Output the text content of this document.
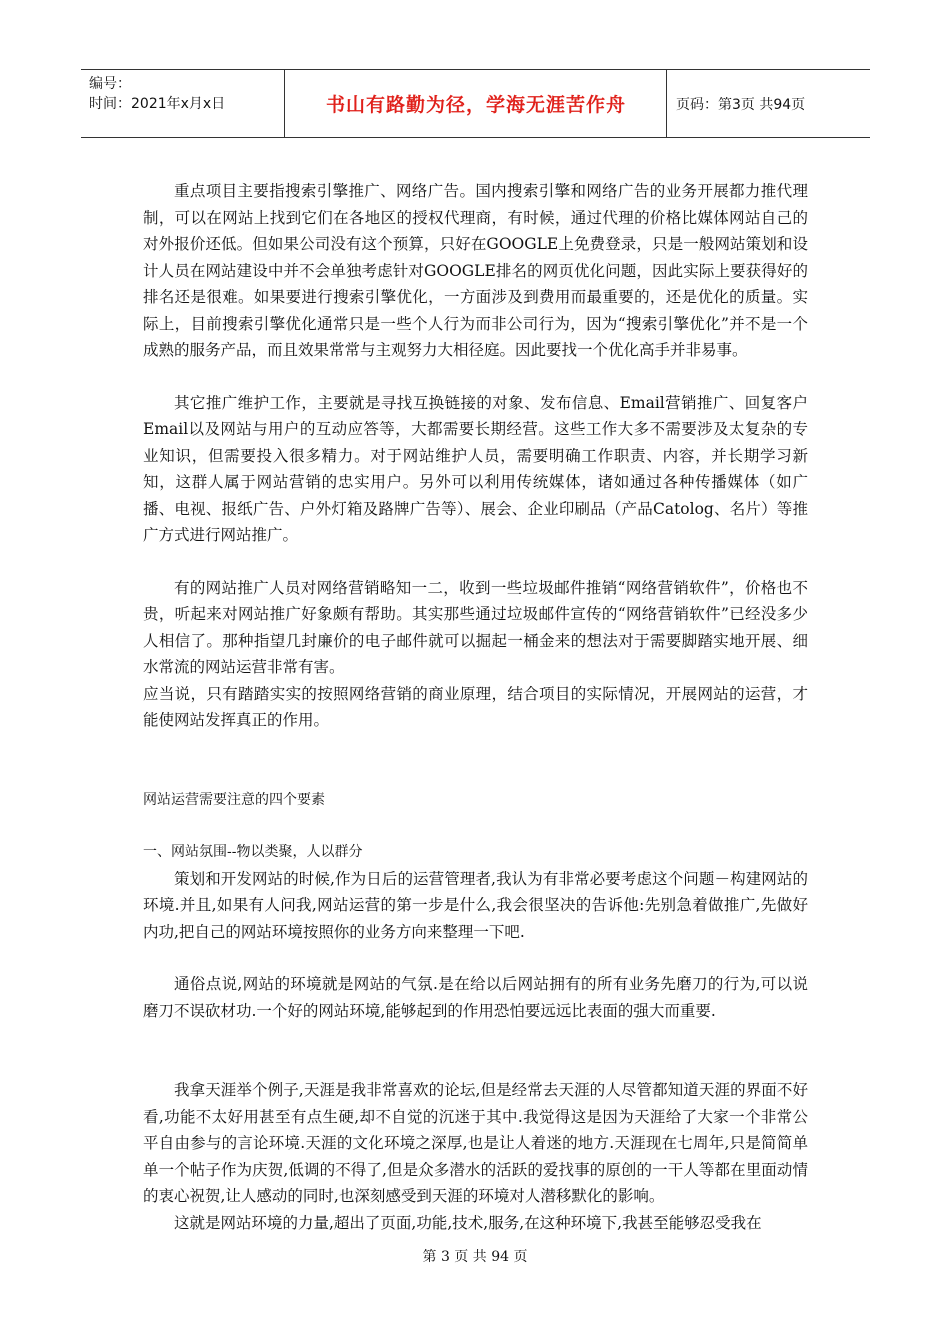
编号：
时间：2021年x月x日	书山有路勤为径，学海无涯苦作舟	页码：第3页 共94页

重点项目主要指搜索引擎推广、网络广告。国内搜索引擎和网络广告的业务开展都力推代理制，可以在网站上找到它们在各地区的授权代理商，有时候，通过代理的价格比媒体网站自己的对外报价还低。但如果公司没有这个预算，只好在GOOGLE上免费登录，只是一般网站策划和设计人员在网站建设中并不会单独考虑针对GOOGLE排名的网页优化问题，因此实际上要获得好的排名还是很难。如果要进行搜索引擎优化，一方面涉及到费用而最重要的，还是优化的质量。实际上，目前搜索引擎优化通常只是一些个人行为而非公司行为，因为“搜索引擎优化”并不是一个成熟的服务产品，而且效果常常与主观努力大相径庭。因此要找一个优化高手并非易事。

其它推广维护工作，主要就是寻找互换链接的对象、发布信息、Email营销推广、回复客户Email以及网站与用户的互动应答等，大都需要长期经营。这些工作大多不需要涉及太复杂的专业知识，但需要投入很多精力。对于网站维护人员，需要明确工作职责、内容，并长期学习新知，这群人属于网站营销的忠实用户。另外可以利用传统媒体，诸如通过各种传播媒体（如广播、电视、报纸广告、户外灯箱及路牌广告等）、展会、企业印刷品（产品Catolog、名片）等推广方式进行网站推广。

有的网站推广人员对网络营销略知一二，收到一些垃圾邮件推销“网络营销软件”，价格也不贵，听起来对网站推广好象颇有帮助。其实那些通过垃圾邮件宣传的“网络营销软件”已经没多少人相信了。那种指望几封廉价的电子邮件就可以掘起一桶金来的想法对于需要脚踏实地开展、细水常流的网站运营非常有害。

应当说，只有踏踏实实的按照网络营销的商业原理，结合项目的实际情况，开展网站的运营，才能使网站发挥真正的作用。

网站运营需要注意的四个要素

一、网站氛围--物以类聚，人以群分

策划和开发网站的时候,作为日后的运营管理者,我认为有非常必要考虑这个问题－构建网站的环境.并且,如果有人问我,网站运营的第一步是什么,我会很坚决的告诉他:先别急着做推广,先做好内功,把自己的网站环境按照你的业务方向来整理一下吧.

通俗点说,网站的环境就是网站的气氛.是在给以后网站拥有的所有业务先磨刀的行为,可以说磨刀不误砍材功.一个好的网站环境,能够起到的作用恐怕要远远比表面的强大而重要.

我拿天涯举个例子,天涯是我非常喜欢的论坛,但是经常去天涯的人尽管都知道天涯的界面不好看,功能不太好用甚至有点生硬,却不自觉的沉迷于其中.我觉得这是因为天涯给了大家一个非常公平自由参与的言论环境.天涯的文化环境之深厚,也是让人着迷的地方.天涯现在七周年,只是简简单单一个帖子作为庆贺,低调的不得了,但是众多潜水的活跃的爱找事的原创的一干人等都在里面动情的衷心祝贺,让人感动的同时,也深刻感受到天涯的环境对人潜移默化的影响。

这就是网站环境的力量,超出了页面,功能,技术,服务,在这种环境下,我甚至能够忍受我在

第 3 页 共 94 页
